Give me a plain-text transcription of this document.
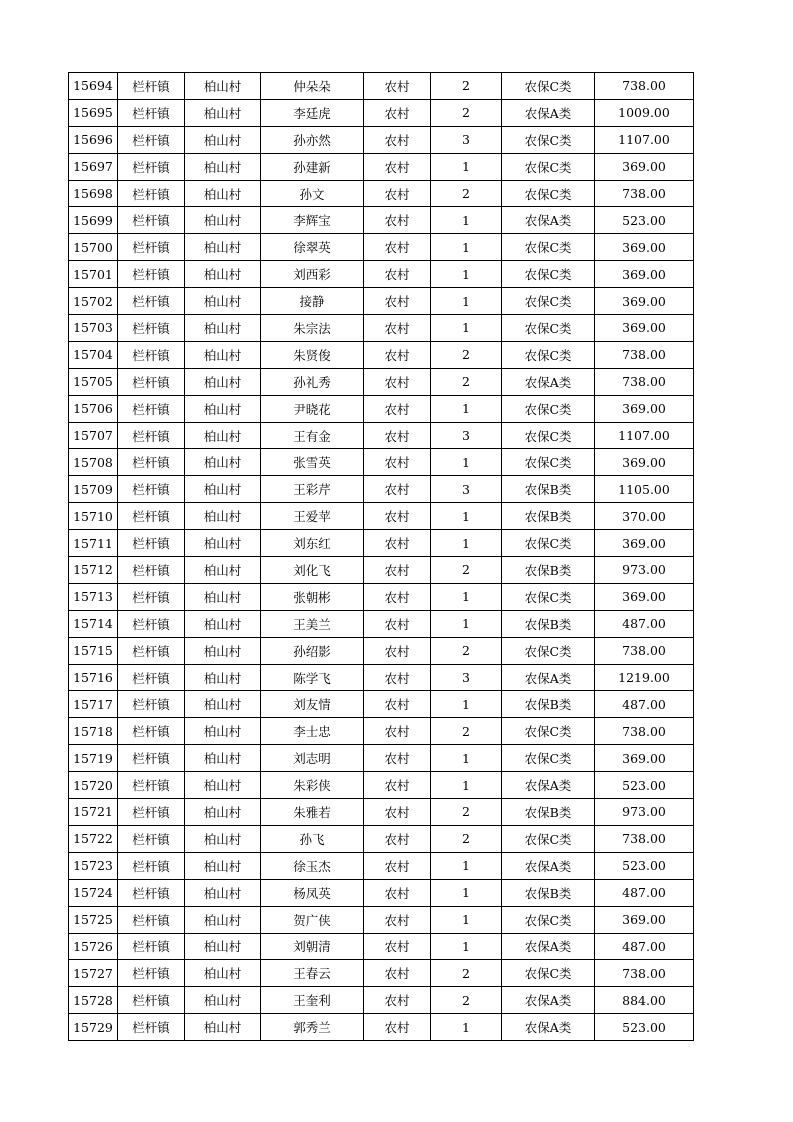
15694	栏杆镇	柏山村	仲朵朵	农村	2	农保C类	738.00
15695	栏杆镇	柏山村	李廷虎	农村	2	农保A类	1009.00
15696	栏杆镇	柏山村	孙亦然	农村	3	农保C类	1107.00
15697	栏杆镇	柏山村	孙建新	农村	1	农保C类	369.00
15698	栏杆镇	柏山村	孙文	农村	2	农保C类	738.00
15699	栏杆镇	柏山村	李辉宝	农村	1	农保A类	523.00
15700	栏杆镇	柏山村	徐翠英	农村	1	农保C类	369.00
15701	栏杆镇	柏山村	刘西彩	农村	1	农保C类	369.00
15702	栏杆镇	柏山村	接静	农村	1	农保C类	369.00
15703	栏杆镇	柏山村	朱宗法	农村	1	农保C类	369.00
15704	栏杆镇	柏山村	朱贤俊	农村	2	农保C类	738.00
15705	栏杆镇	柏山村	孙礼秀	农村	2	农保A类	738.00
15706	栏杆镇	柏山村	尹晓花	农村	1	农保C类	369.00
15707	栏杆镇	柏山村	王有金	农村	3	农保C类	1107.00
15708	栏杆镇	柏山村	张雪英	农村	1	农保C类	369.00
15709	栏杆镇	柏山村	王彩芹	农村	3	农保B类	1105.00
15710	栏杆镇	柏山村	王爱苹	农村	1	农保B类	370.00
15711	栏杆镇	柏山村	刘东红	农村	1	农保C类	369.00
15712	栏杆镇	柏山村	刘化飞	农村	2	农保B类	973.00
15713	栏杆镇	柏山村	张朝彬	农村	1	农保C类	369.00
15714	栏杆镇	柏山村	王美兰	农村	1	农保B类	487.00
15715	栏杆镇	柏山村	孙绍影	农村	2	农保C类	738.00
15716	栏杆镇	柏山村	陈学飞	农村	3	农保A类	1219.00
15717	栏杆镇	柏山村	刘友情	农村	1	农保B类	487.00
15718	栏杆镇	柏山村	李士忠	农村	2	农保C类	738.00
15719	栏杆镇	柏山村	刘志明	农村	1	农保C类	369.00
15720	栏杆镇	柏山村	朱彩侠	农村	1	农保A类	523.00
15721	栏杆镇	柏山村	朱雅若	农村	2	农保B类	973.00
15722	栏杆镇	柏山村	孙飞	农村	2	农保C类	738.00
15723	栏杆镇	柏山村	徐玉杰	农村	1	农保A类	523.00
15724	栏杆镇	柏山村	杨凤英	农村	1	农保B类	487.00
15725	栏杆镇	柏山村	贺广侠	农村	1	农保C类	369.00
15726	栏杆镇	柏山村	刘朝清	农村	1	农保A类	487.00
15727	栏杆镇	柏山村	王春云	农村	2	农保C类	738.00
15728	栏杆镇	柏山村	王奎利	农村	2	农保A类	884.00
15729	栏杆镇	柏山村	郭秀兰	农村	1	农保A类	523.00
